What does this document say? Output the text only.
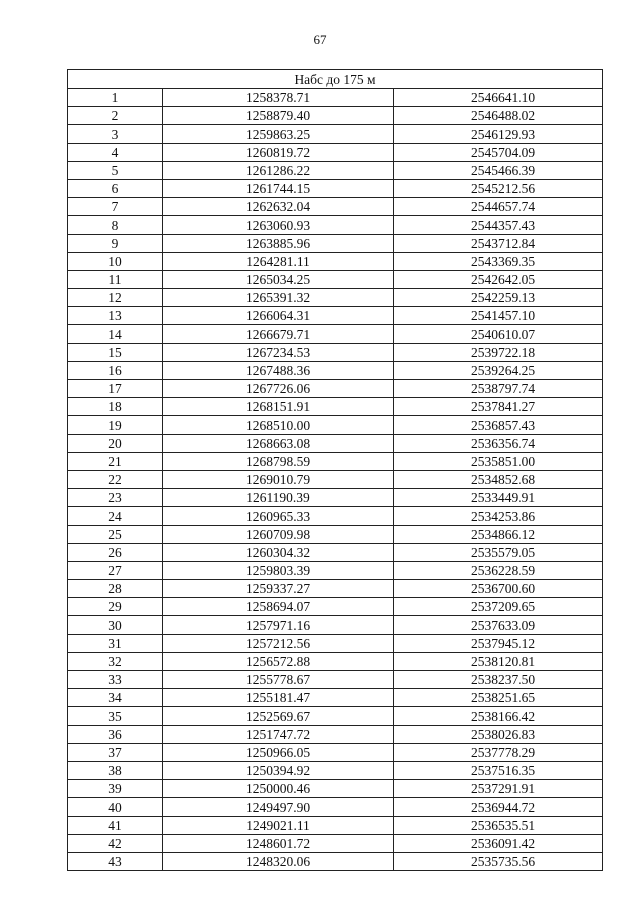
67
Набс до 175 м		
1	1258378.71	2546641.10
2	1258879.40	2546488.02
3	1259863.25	2546129.93
4	1260819.72	2545704.09
5	1261286.22	2545466.39
6	1261744.15	2545212.56
7	1262632.04	2544657.74
8	1263060.93	2544357.43
9	1263885.96	2543712.84
10	1264281.11	2543369.35
11	1265034.25	2542642.05
12	1265391.32	2542259.13
13	1266064.31	2541457.10
14	1266679.71	2540610.07
15	1267234.53	2539722.18
16	1267488.36	2539264.25
17	1267726.06	2538797.74
18	1268151.91	2537841.27
19	1268510.00	2536857.43
20	1268663.08	2536356.74
21	1268798.59	2535851.00
22	1269010.79	2534852.68
23	1261190.39	2533449.91
24	1260965.33	2534253.86
25	1260709.98	2534866.12
26	1260304.32	2535579.05
27	1259803.39	2536228.59
28	1259337.27	2536700.60
29	1258694.07	2537209.65
30	1257971.16	2537633.09
31	1257212.56	2537945.12
32	1256572.88	2538120.81
33	1255778.67	2538237.50
34	1255181.47	2538251.65
35	1252569.67	2538166.42
36	1251747.72	2538026.83
37	1250966.05	2537778.29
38	1250394.92	2537516.35
39	1250000.46	2537291.91
40	1249497.90	2536944.72
41	1249021.11	2536535.51
42	1248601.72	2536091.42
43	1248320.06	2535735.56
